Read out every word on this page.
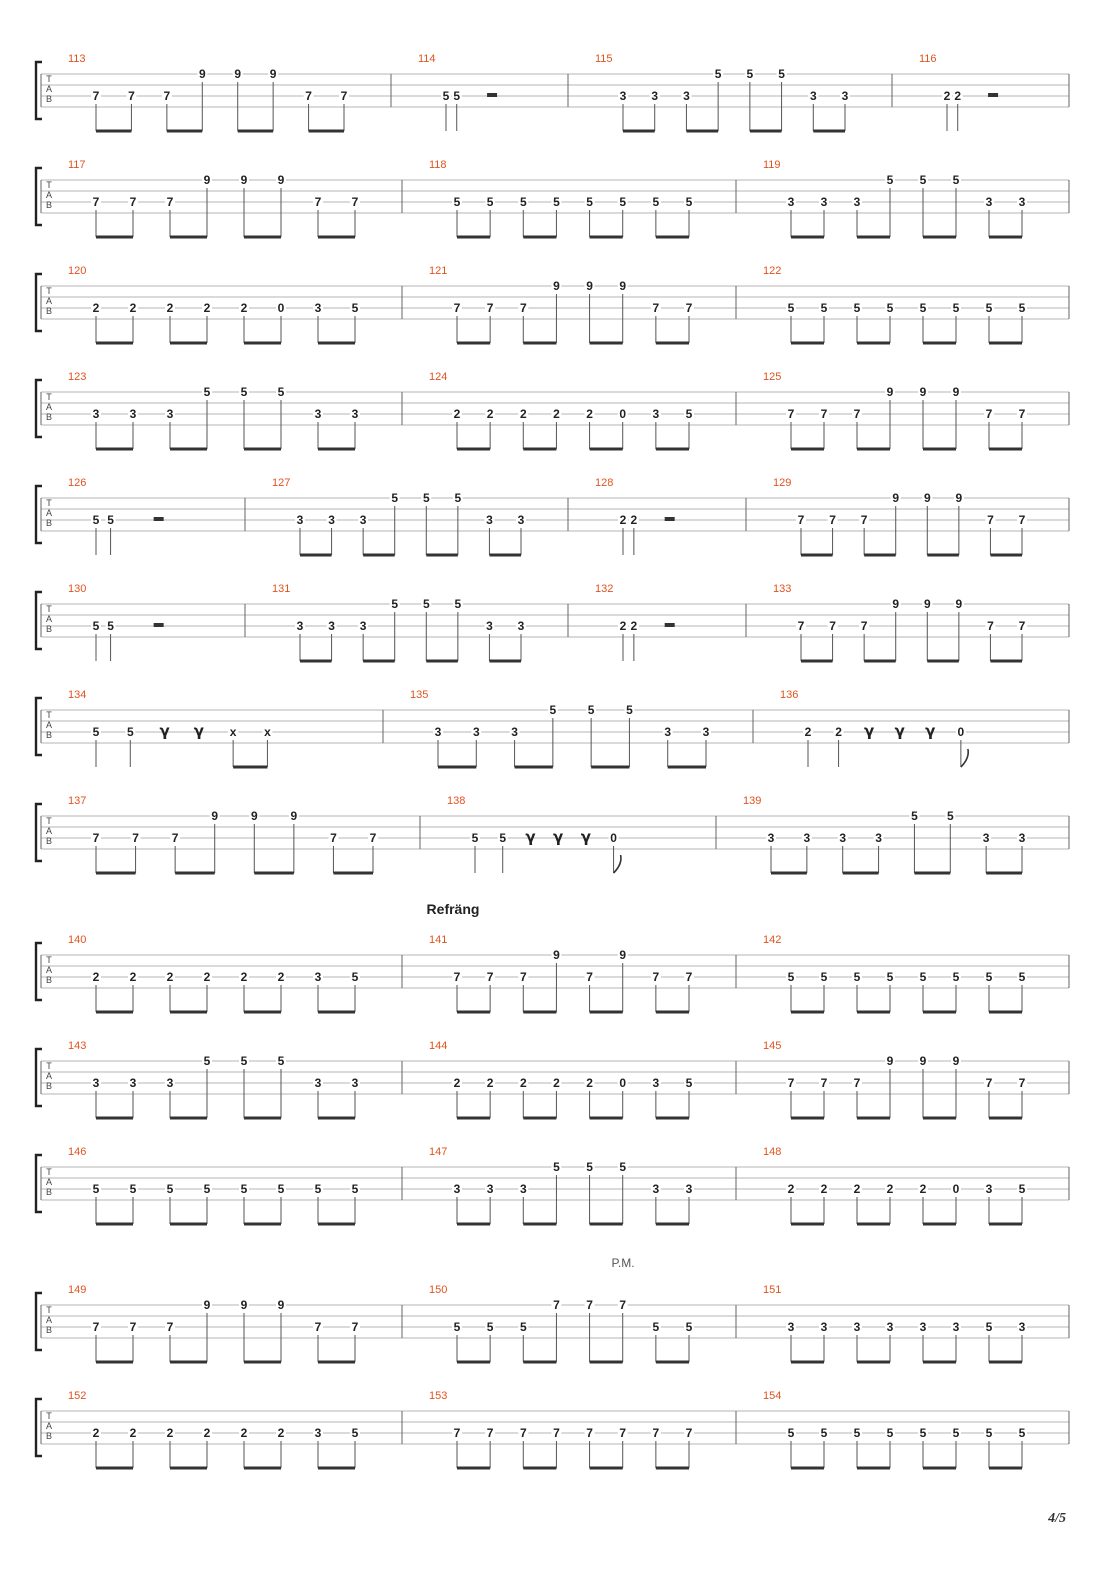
T
A
B
113
7 7 7
9 9 9
7 7
114
5 5
115
3 3 3
5 5 5
3 3
116
2 2
T
A
B
117
7	7	7
9	9	9
7	7
118
5 5 5 5 5 5 5 5
119
3 3 3
5 5 5
3 3
T
A
B
120
2	2	2	2	2	0	3	5
121
7 7 7
9 9 9
7 7
122
5 5 5 5 5 5 5 5
T
A
B
123
3	3	3
5	5	5
3	3
124
2 2 2 2 2 0 3 5
125
7 7 7
9 9 9
7 7
T
A
B
126
5 5
127
3 3 3
5 5 5
3 3
128
2 2
129
7 7 7
9 9 9
7 7
T
A
B
130
5 5
131
3 3 3
5 5 5
3 3
132
2 2
133
7 7 7
9 9 9
7 7
T
A
B
134
5 5 γ γ x x
135
3	3	3
5	5	5
3	3
136
2 2 γ γ γ 0
T
A
B
137
7	7	7
9	9	9
7	7
138
5 5 γ γ γ 0
139
3 3 3 3
5 5
3 3
T
A
B
140
2	2	2	2	2	2	3	5
141
7 7 7
9
7
9
7 7
142
5 5 5 5 5 5 5 5
T
A
B
143
3	3	3
5	5	5
3	3
144
2 2 2 2 2 0 3 5
145
7 7 7
9 9 9
7 7
T
A
B
146
5	5	5	5	5	5	5	5
147
3 3 3
5 5 5
3 3
148
2 2 2 2 2 0 3 5
T
A
B
149
7	7	7
9	9	9
7	7
150
5 5 5
7 7 7
5 5
151
3 3 3 3 3 3 5 3
T
A
B
152
2	2	2	2	2	2	3	5
153
7 7 7 7 7 7 7 7
154
5 5 5 5 5 5 5 5
Refräng
P.M.
4/5
